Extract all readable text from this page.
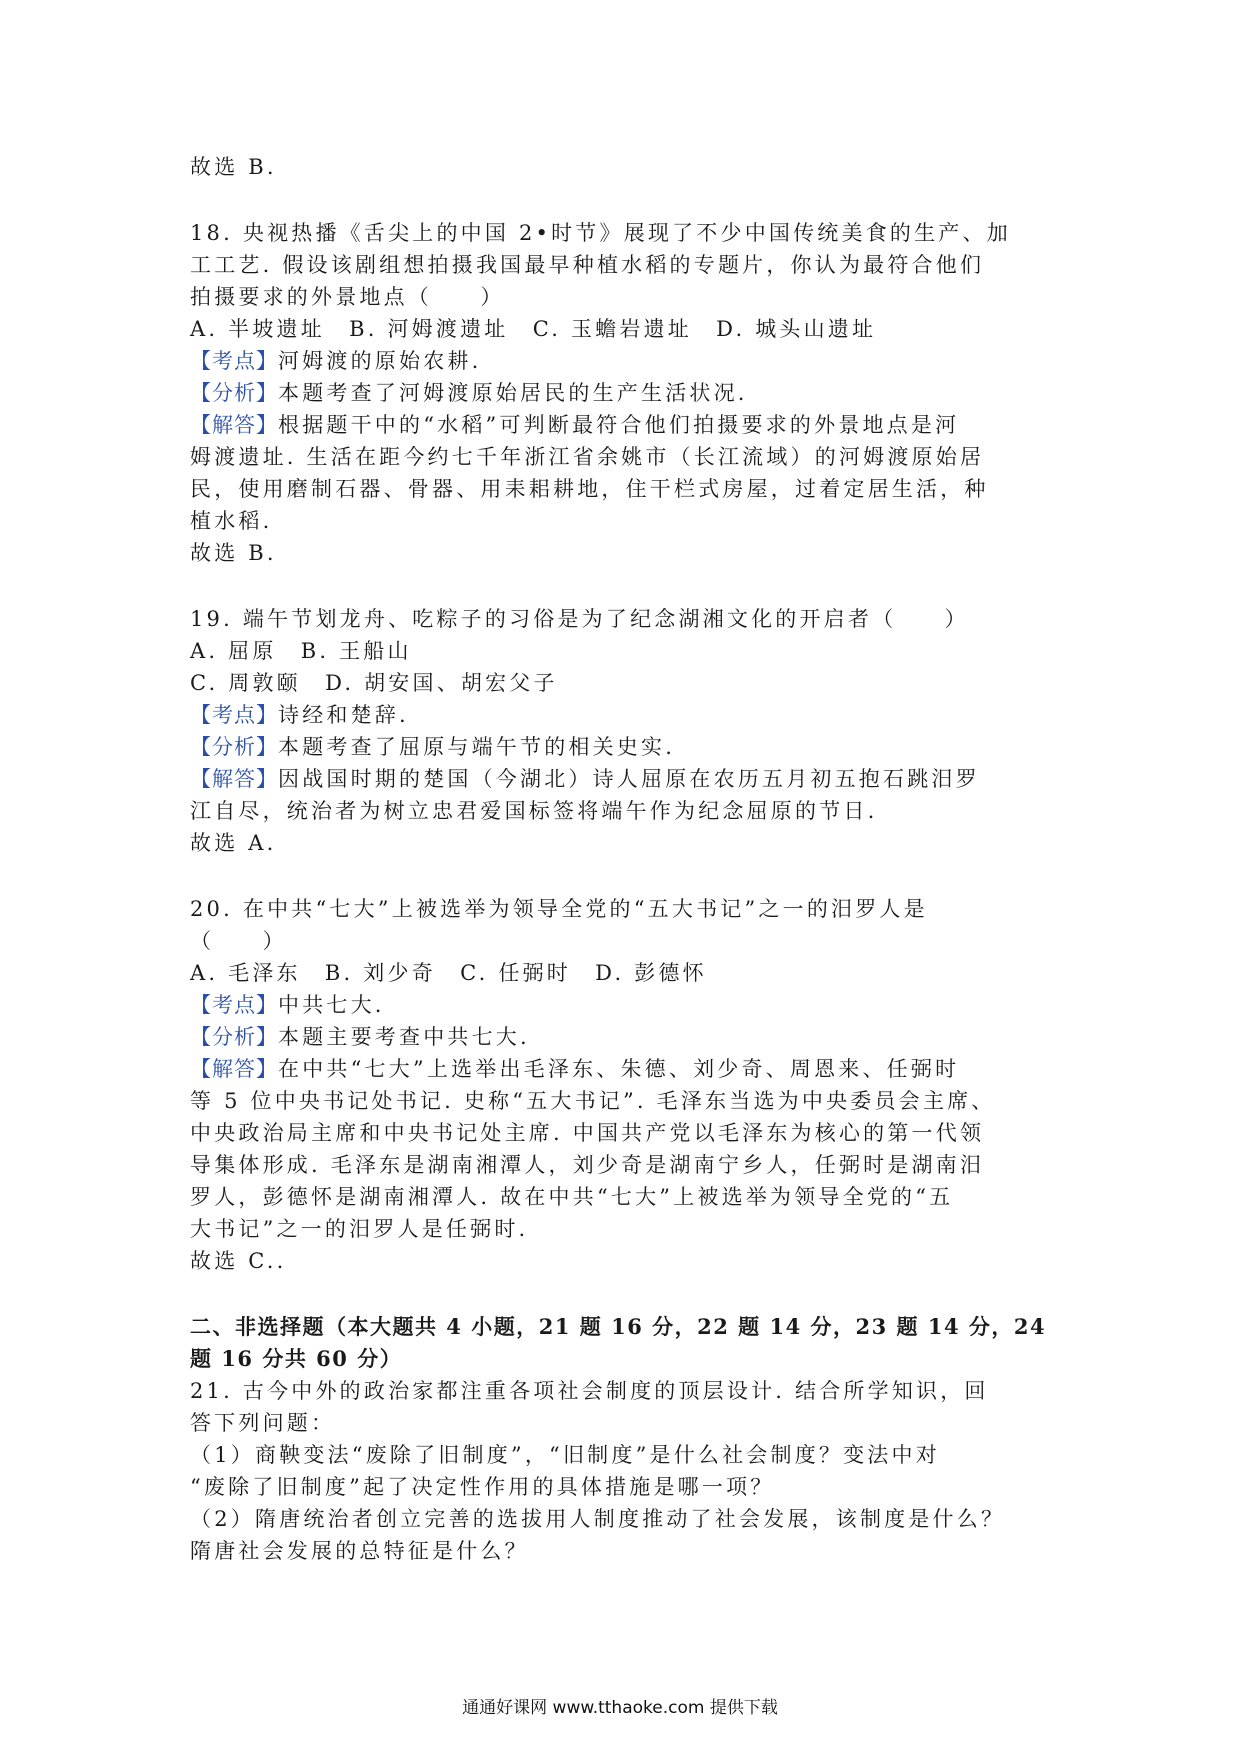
故选 B.
18. 央视热播《舌尖上的中国 2•时节》展现了不少中国传统美食的生产、加
工工艺. 假设该剧组想拍摄我国最早种植水稻的专题片，你认为最符合他们
拍摄要求的外景地点（　　）
A. 半坡遗址　B. 河姆渡遗址　C. 玉蟾岩遗址　D. 城头山遗址
【考点】河姆渡的原始农耕.
【分析】本题考查了河姆渡原始居民的生产生活状况.
【解答】根据题干中的“水稻”可判断最符合他们拍摄要求的外景地点是河
姆渡遗址. 生活在距今约七千年浙江省余姚市（长江流域）的河姆渡原始居
民，使用磨制石器、骨器、用耒耜耕地，住干栏式房屋，过着定居生活，种
植水稻.
故选 B.
19. 端午节划龙舟、吃粽子的习俗是为了纪念湖湘文化的开启者（　　）
A. 屈原　B. 王船山
C. 周敦颐　D. 胡安国、胡宏父子
【考点】诗经和楚辞.
【分析】本题考查了屈原与端午节的相关史实.
【解答】因战国时期的楚国（今湖北）诗人屈原在农历五月初五抱石跳汨罗
江自尽，统治者为树立忠君爱国标签将端午作为纪念屈原的节日.
故选 A.
20. 在中共“七大”上被选举为领导全党的“五大书记”之一的汨罗人是
（　　）
A. 毛泽东　B. 刘少奇　C. 任弼时　D. 彭德怀
【考点】中共七大.
【分析】本题主要考查中共七大.
【解答】在中共“七大”上选举出毛泽东、朱德、刘少奇、周恩来、任弼时
等 5 位中央书记处书记. 史称“五大书记”. 毛泽东当选为中央委员会主席、
中央政治局主席和中央书记处主席. 中国共产党以毛泽东为核心的第一代领
导集体形成. 毛泽东是湖南湘潭人，刘少奇是湖南宁乡人，任弼时是湖南汨
罗人，彭德怀是湖南湘潭人. 故在中共“七大”上被选举为领导全党的“五
大书记”之一的汨罗人是任弼时.
故选 C..
二、非选择题（本大题共 4 小题，21 题 16 分，22 题 14 分，23 题 14 分，24
题 16 分共 60 分）
21. 古今中外的政治家都注重各项社会制度的顶层设计. 结合所学知识，回
答下列问题：
（1）商鞅变法“废除了旧制度”，“旧制度”是什么社会制度？变法中对
“废除了旧制度”起了决定性作用的具体措施是哪一项？
（2）隋唐统治者创立完善的选拔用人制度推动了社会发展，该制度是什么？
隋唐社会发展的总特征是什么？
通通好课网 www.tthaoke.com 提供下载
